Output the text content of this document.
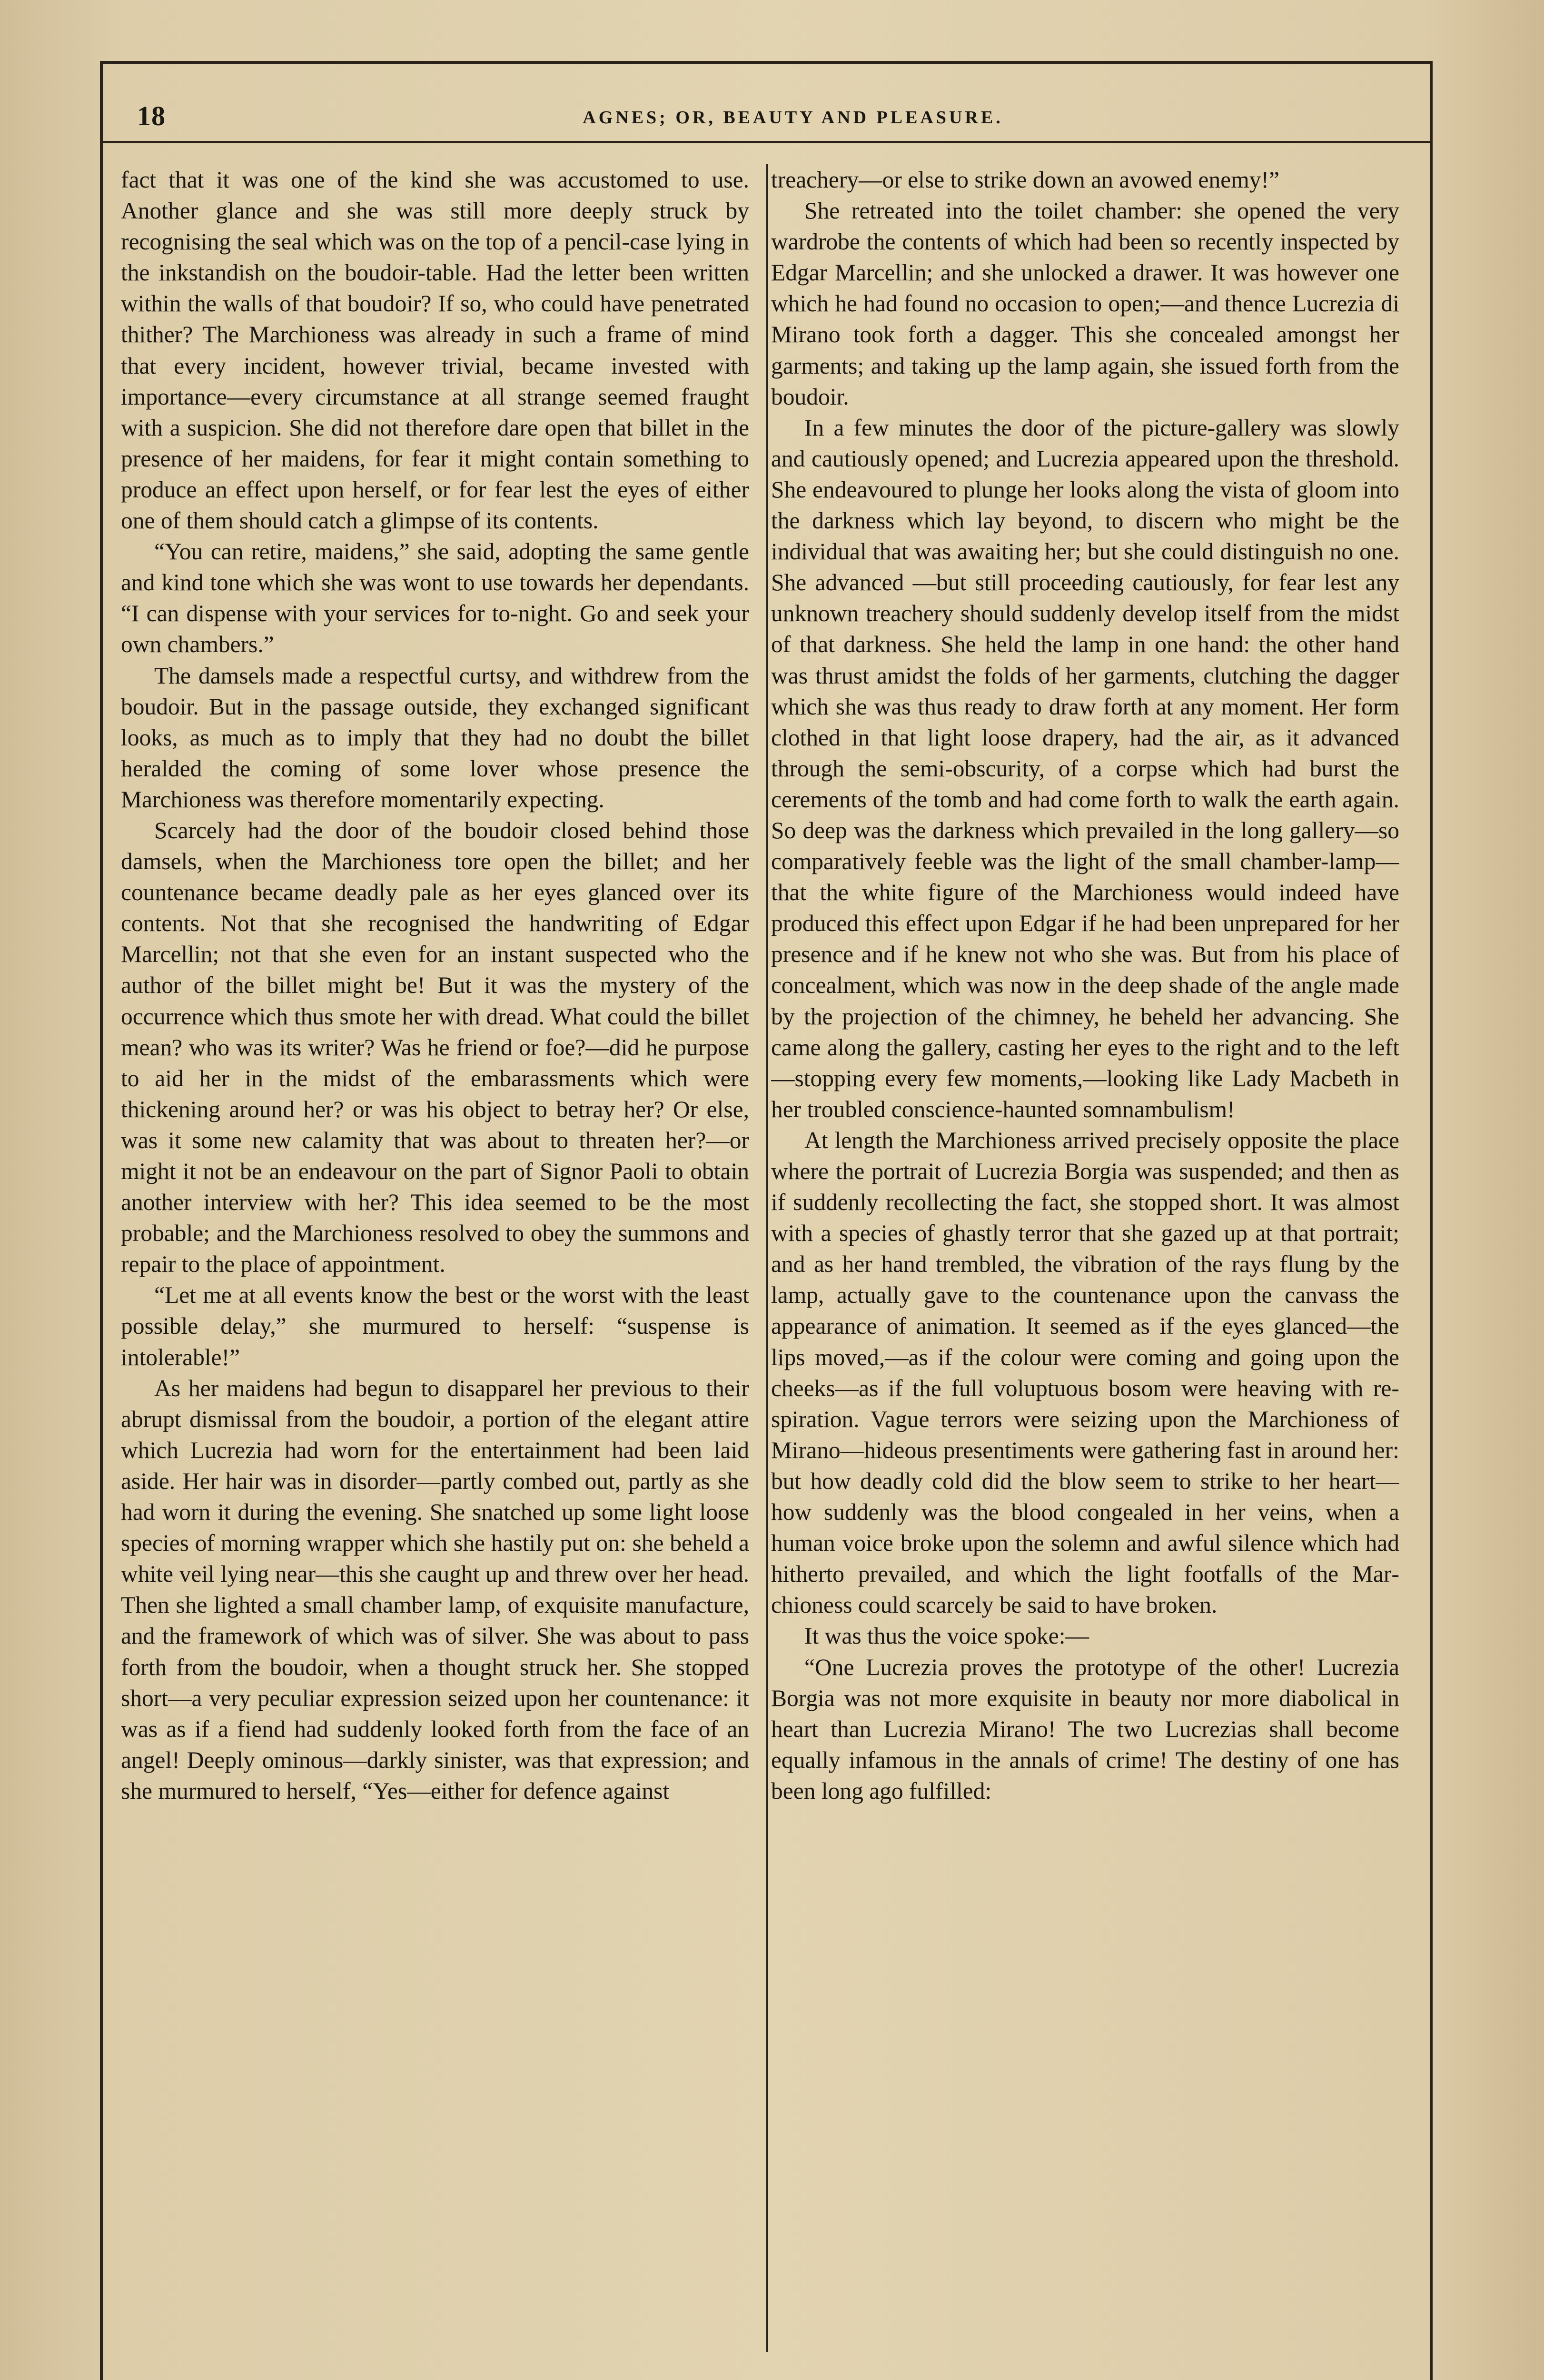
18	AGNES; OR, BEAUTY AND PLEASURE.

fact that it was one of the kind she was accustomed to use. Another glance and she was still more deeply struck by recognising the seal which was on the top of a pencil-case lying in the inkstandish on the boudoir-table. Had the letter been written within the walls of that boudoir? If so, who could have penetrated thither? The Marchioness was already in such a frame of mind that every incident, however trivial, became invested with importance—every circumstance at all strange seemed fraught with a suspicion. She did not therefore dare open that billet in the presence of her maidens, for fear it might contain something to produce an effect upon herself, or for fear lest the eyes of either one of them should catch a glimpse of its contents.

“You can retire, maidens,” she said, adopting the same gentle and kind tone which she was wont to use towards her dependants. “I can dispense with your services for to-night. Go and seek your own chambers.”

The damsels made a respectful curtsy, and withdrew from the boudoir. But in the passage outside, they exchanged significant looks, as much as to imply that they had no doubt the billet heralded the coming of some lover whose presence the Marchioness was therefore momentarily expecting.

Scarcely had the door of the boudoir closed behind those damsels, when the Marchioness tore open the billet; and her countenance became deadly pale as her eyes glanced over its contents. Not that she recognised the handwriting of Edgar Marcellin; not that she even for an instant suspected who the author of the billet might be! But it was the mystery of the occurrence which thus smote her with dread. What could the billet mean? who was its writer? Was he friend or foe?—did he purpose to aid her in the midst of the embarassments which were thickening around her? or was his object to betray her? Or else, was it some new calamity that was about to threaten her?—or might it not be an endeavour on the part of Signor Paoli to obtain another interview with her? This idea seemed to be the most probable; and the Marchioness resolved to obey the summons and repair to the place of appointment.

“Let me at all events know the best or the worst with the least possible delay,” she murmured to herself: “suspense is intolerable!”

As her maidens had begun to disapparel her previous to their abrupt dismissal from the boudoir, a portion of the elegant attire which Lucrezia had worn for the entertainment had been laid aside. Her hair was in disorder—partly combed out, partly as she had worn it during the evening. She snatched up some light loose species of morning wrapper which she hastily put on: she beheld a white veil lying near—this she caught up and threw over her head. Then she lighted a small chamber lamp, of exquisite manufacture, and the framework of which was of silver. She was about to pass forth from the boudoir, when a thought struck her. She stopped short—a very peculiar expression seized upon her countenance: it was as if a fiend had suddenly looked forth from the face of an angel! Deeply ominous—darkly sinister, was that expression; and she murmured to herself, “Yes—either for defence against

treachery—or else to strike down an avowed enemy!”

She retreated into the toilet chamber: she opened the very wardrobe the contents of which had been so recently inspected by Edgar Marcellin; and she unlocked a drawer. It was however one which he had found no occasion to open;—and thence Lucrezia di Mirano took forth a dagger. This she concealed amongst her garments; and taking up the lamp again, she issued forth from the boudoir.

In a few minutes the door of the picture-gallery was slowly and cautiously opened; and Lucrezia appeared upon the threshold. She endeavoured to plunge her looks along the vista of gloom into the darkness which lay beyond, to discern who might be the individual that was awaiting her; but she could distinguish no one. She advanced —but still proceeding cautiously, for fear lest any unknown treachery should suddenly develop itself from the midst of that darkness. She held the lamp in one hand: the other hand was thrust amidst the folds of her garments, clutching the dagger which she was thus ready to draw forth at any moment. Her form clothed in that light loose drapery, had the air, as it advanced through the semi-obscurity, of a corpse which had burst the cerements of the tomb and had come forth to walk the earth again. So deep was the darkness which prevailed in the long gallery—so comparatively feeble was the light of the small chamber-lamp—that the white figure of the Marchioness would indeed have produced this effect upon Edgar if he had been unprepared for her presence and if he knew not who she was. But from his place of concealment, which was now in the deep shade of the angle made by the projection of the chimney, he beheld her advancing. She came along the gallery, casting her eyes to the right and to the left—stopping every few moments,—looking like Lady Macbeth in her troubled conscience-haunted somnambulism!

At length the Marchioness arrived precisely opposite the place where the portrait of Lucrezia Borgia was suspended; and then as if suddenly recollecting the fact, she stopped short. It was almost with a species of ghastly terror that she gazed up at that portrait; and as her hand trembled, the vibration of the rays flung by the lamp, actually gave to the countenance upon the canvass the appearance of animation. It seemed as if the eyes glanced—the lips moved,—as if the colour were coming and going upon the cheeks—as if the full voluptuous bosom were heaving with respiration. Vague terrors were seizing upon the Marchioness of Mirano—hideous presentiments were gathering fast in around her: but how deadly cold did the blow seem to strike to her heart—how suddenly was the blood congealed in her veins, when a human voice broke upon the solemn and awful silence which had hitherto prevailed, and which the light footfalls of the Marchioness could scarcely be said to have broken.

It was thus the voice spoke:—

“One Lucrezia proves the prototype of the other! Lucrezia Borgia was not more exquisite in beauty nor more diabolical in heart than Lucrezia Mirano! The two Lucrezias shall become equally infamous in the annals of crime! The destiny of one has been long ago fulfilled:
